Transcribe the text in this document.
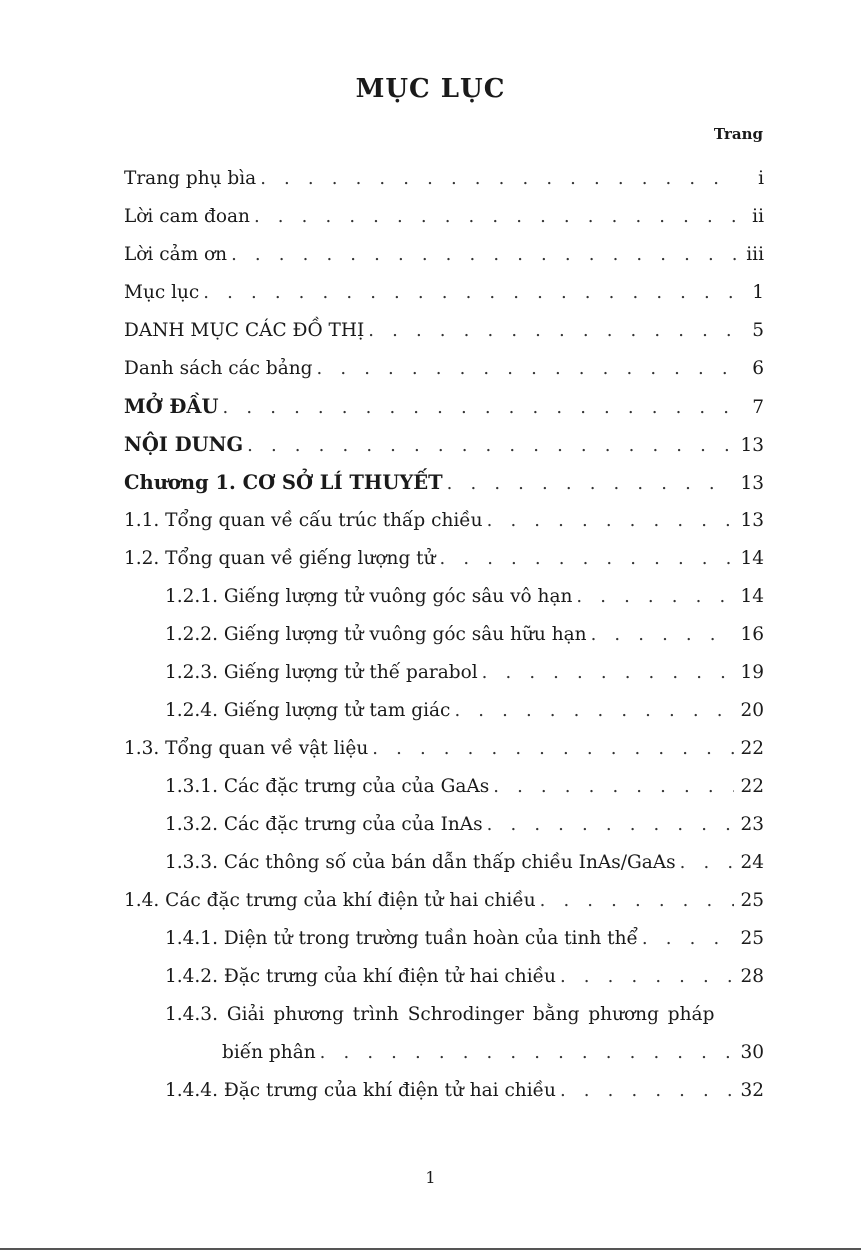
MỤC LỤC
Trang
Trang phụ bìa . . .	i
Lời cam đoan . . .	ii
Lời cảm ơn . . .	iii
Mục lục . . .	1
DANH MỤC CÁC ĐỒ THỊ . . .	5
Danh sách các bảng . . .	6
MỞ ĐẦU . . .	7
NỘI DUNG . . .	13
Chương 1. CƠ SỞ LÍ THUYẾT . . .	13
1.1. Tổng quan về cấu trúc thấp chiều . . .	13
1.2. Tổng quan về giếng lượng tử . . .	14
1.2.1. Giếng lượng tử vuông góc sâu vô hạn . . .	14
1.2.2. Giếng lượng tử vuông góc sâu hữu hạn . . .	16
1.2.3. Giếng lượng tử thế parabol . . .	19
1.2.4. Giếng lượng tử tam giác . . .	20
1.3. Tổng quan về vật liệu . . .	22
1.3.1. Các đặc trưng của của GaAs . . .	22
1.3.2. Các đặc trưng của của InAs . . .	23
1.3.3. Các thông số của bán dẫn thấp chiều InAs/GaAs . . .	24
1.4. Các đặc trưng của khí điện tử hai chiều . . .	25
1.4.1. Diện tử trong trường tuần hoàn của tinh thể . . .	25
1.4.2. Đặc trưng của khí điện tử hai chiều . . .	28
1.4.3. Giải phương trình Schrodinger bằng phương pháp
biến phân . . .	30
1.4.4. Đặc trưng của khí điện tử hai chiều . . .	32
1
